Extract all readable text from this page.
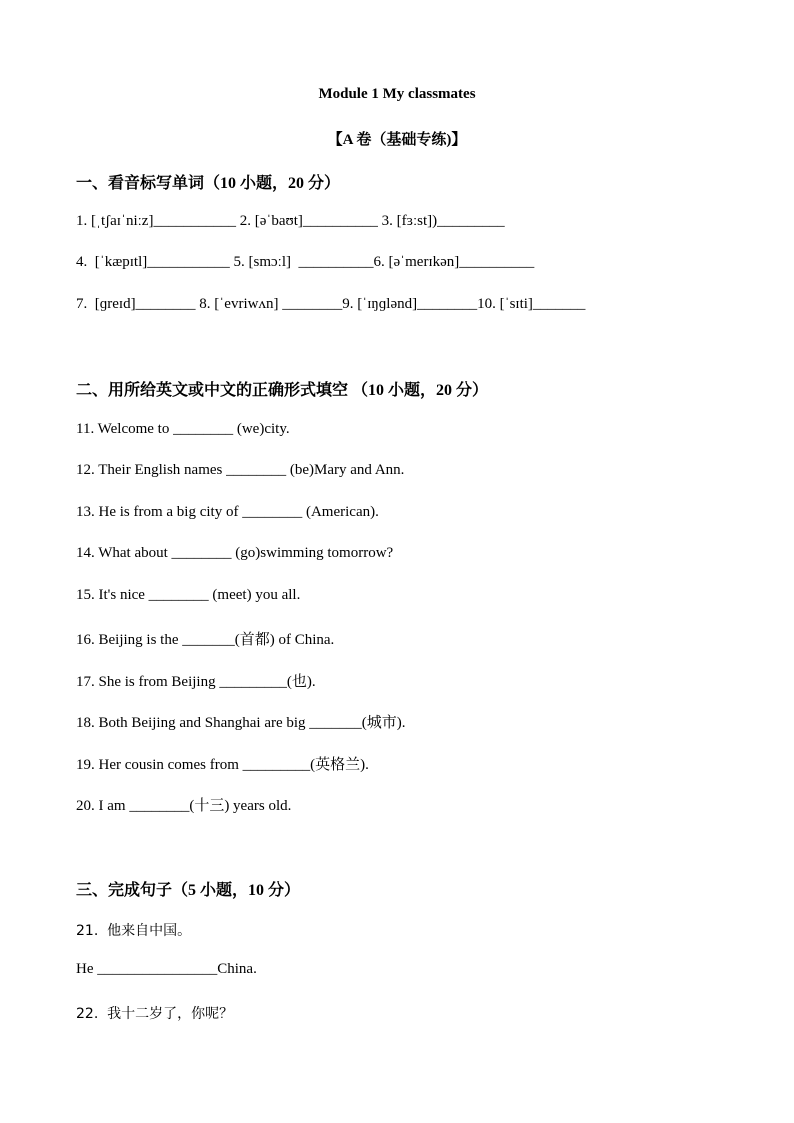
Module 1 My classmates
【A 卷（基础专练)】
一、看音标写单词（10 小题，20 分）
1. [ˌtʃaɪˈniːz]___________ 2. [əˈbaʊt]__________ 3. [fɜːst])_________
4.  [ˈkæpɪtl]___________ 5. [smɔːl]  __________6. [əˈmerɪkən]__________
7.  [ɡreɪd]________ 8. [ˈevriwʌn] ________9. [ˈɪŋɡlənd]________10. [ˈsɪti]_______
二、用所给英文或中文的正确形式填空 （10 小题，20 分）
11. Welcome to ________ (we)city.
12. Their English names ________ (be)Mary and Ann.
13. He is from a big city of ________ (American).
14. What about ________ (go)swimming tomorrow?
15. It's nice ________ (meet) you all.
16. Beijing is the _______(首都) of China.
17. She is from Beijing _________(也).
18. Both Beijing and Shanghai are big _______(城市).
19. Her cousin comes from _________(英格兰).
20. I am ________(十三) years old.
三、完成句子（5 小题，10 分）
21.  他来自中国。
He ________________China.
22.  我十二岁了，你呢？
